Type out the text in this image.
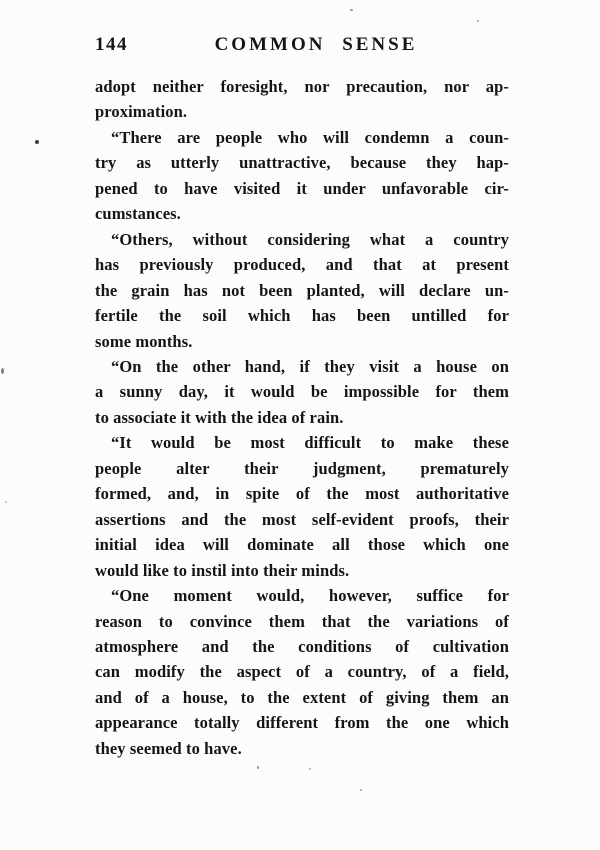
144	COMMON SENSE
adopt neither foresight, nor precaution, nor ap-
proximation.
“There are people who will condemn a coun-
try as utterly unattractive, because they hap-
pened to have visited it under unfavorable cir-
cumstances.
“Others, without considering what a country
has previously produced, and that at present
the grain has not been planted, will declare un-
fertile the soil which has been untilled for
some months.
“On the other hand, if they visit a house on
a sunny day, it would be impossible for them
to associate it with the idea of rain.
“It would be most difficult to make these
people alter their judgment, prematurely
formed, and, in spite of the most authoritative
assertions and the most self-evident proofs, their
initial idea will dominate all those which one
would like to instil into their minds.
“One moment would, however, suffice for
reason to convince them that the variations of
atmosphere and the conditions of cultivation
can modify the aspect of a country, of a field,
and of a house, to the extent of giving them an
appearance totally different from the one which
they seemed to have.
